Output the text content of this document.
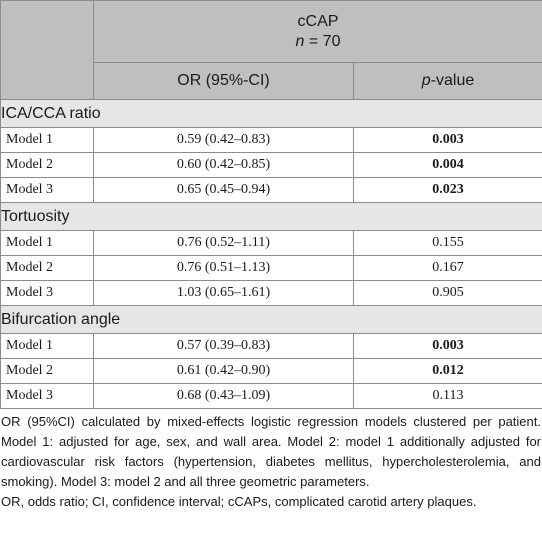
	cCAP
n = 70	

	OR (95%-CI)	p-value
ICA/CCA ratio		
Model 1	0.59 (0.42–0.83)	0.003
Model 2	0.60 (0.42–0.85)	0.004
Model 3	0.65 (0.45–0.94)	0.023
Tortuosity		
Model 1	0.76 (0.52–1.11)	0.155
Model 2	0.76 (0.51–1.13)	0.167
Model 3	1.03 (0.65–1.61)	0.905
Bifurcation angle		
Model 1	0.57 (0.39–0.83)	0.003
Model 2	0.61 (0.42–0.90)	0.012
Model 3	0.68 (0.43–1.09)	0.113

OR (95%CI) calculated by mixed-effects logistic regression models clustered per patient. Model 1: adjusted for age, sex, and wall area. Model 2: model 1 additionally adjusted for cardiovascular risk factors (hypertension, diabetes mellitus, hypercholesterolemia, and smoking). Model 3: model 2 and all three geometric parameters.

OR, odds ratio; CI, confidence interval; cCAPs, complicated carotid artery plaques.
